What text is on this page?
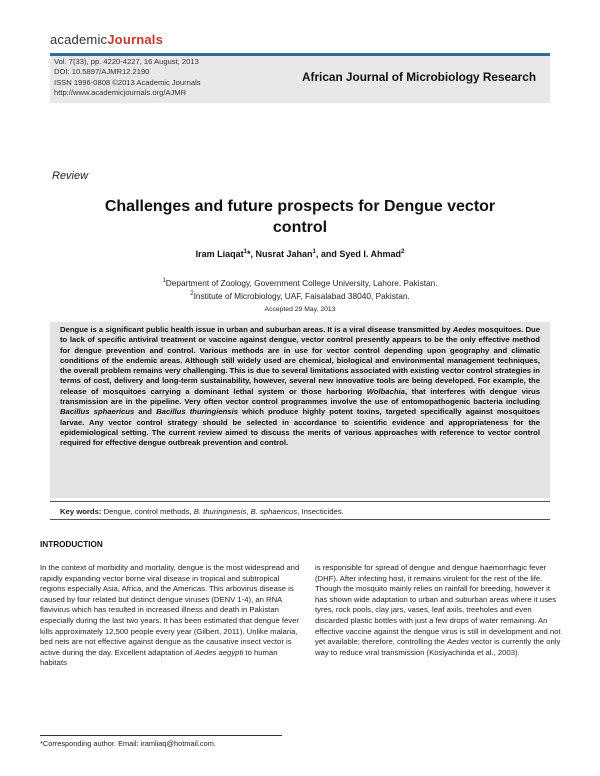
academicJournals
Vol. 7(33), pp. 4220-4227, 16 August, 2013
DOI: 10.5897/AJMR12.2190
ISSN 1996-0808 ©2013 Academic Journals
http://www.academicjournals.org/AJMR
African Journal of Microbiology Research
Review
Challenges and future prospects for Dengue vector
control
Iram Liaqat$^1$*, Nusrat Jahan$^1$, and Syed I. Ahmad$^2$
$^1$Department of Zoology, Government College University, Lahore. Pakistan.
$^2$Institute of Microbiology, UAF, Faisalabad 38040, Pakistan.
Accepted 29 May, 2013
Dengue is a significant public health issue in urban and suburban areas. It is a viral disease transmitted by Aedes mosquitoes. Due to lack of specific antiviral treatment or vaccine against dengue, vector control presently appears to be the only effective method for dengue prevention and control. Various methods are in use for vector control depending upon geography and climatic conditions of the endemic areas. Although still widely used are chemical, biological and environmental management techniques, the overall problem remains very challenging. This is due to several limitations associated with existing vector control strategies in terms of cost, delivery and long-term sustainability, however, several new innovative tools are being developed. For example, the release of mosquitoes carrying a dominant lethal system or those harboring Wolbachia, that interferes with dengue virus transmission are in the pipeline. Very often vector control programmes involve the use of entomopathogenic bacteria including Bacillus sphaericus and Bacillus thuringiensis which produce highly potent toxins, targeted specifically against mosquitoes larvae. Any vector control strategy should be selected in accordance to scientific evidence and appropriateness for the epidemiological setting. The current review aimed to discuss the merits of various approaches with reference to vector control required for effective dengue outbreak prevention and control.
Key words: Dengue, control methods, B. thuringinesis, B. sphaericus, Insecticides.
INTRODUCTION
In the context of morbidity and mortality, dengue is the most widespread and rapidly expanding vector borne viral disease in tropical and subtropical regions especially Asia, Africa, and the Americas. This arbovirus disease is caused by four related but distinct dengue viruses (DENV 1-4), an RNA flavivirus which has resulted in increased illness and death in Pakistan especially during the last two years. It has been estimated that dengue fever kills approximately 12,500 people every year (Gilbert, 2011). Unlike malaria, bed nets are not effective against dengue as the causative insect vector is active during the day. Excellent adaptation of Aedes aegypti to human habitats
is responsible for spread of dengue and dengue haemorrhagic fever (DHF). After infecting host, it remains virulent for the rest of the life. Though the mosquito mainly relies on rainfall for breeding, however it has shown wide adaptation to urban and suburban areas where it uses tyres, rock pools, clay jars, vases, leaf axils, treeholes and even discarded plastic bottles with just a few drops of water remaining. An effective vaccine against the dengue virus is still in development and not yet available; therefore, controlling the Aedes vector is currently the only way to reduce viral transmission (Kosiyachinda et al., 2003).
*Corresponding author. Email: iramliaq@hotmail.com.
